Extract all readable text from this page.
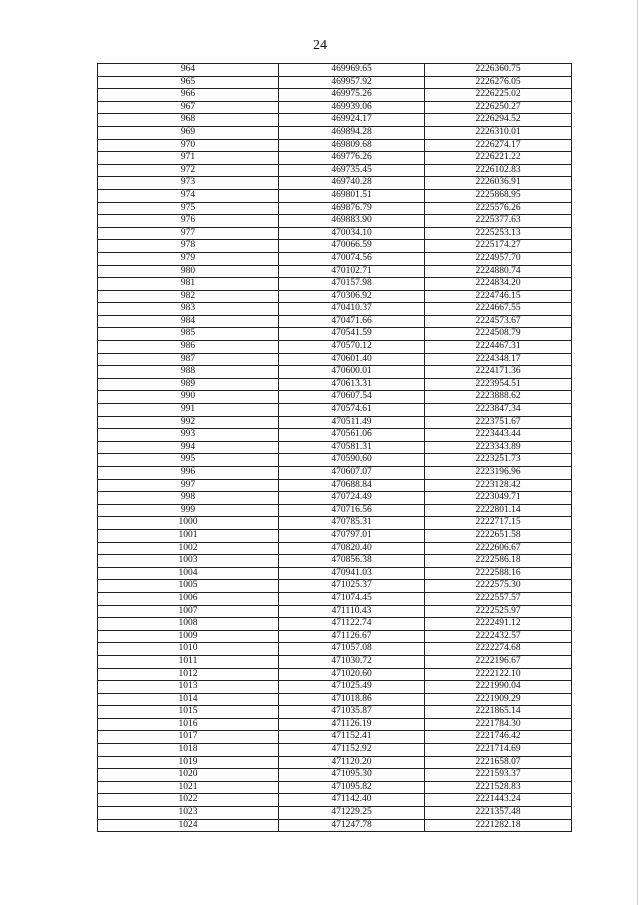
24
964	469969.65	2226360.75
965	469957.92	2226276.05
966	469975.26	2226225.02
967	469939.06	2226250.27
968	469924.17	2226294.52
969	469894.28	2226310.01
970	469809.68	2226274.17
971	469776.26	2226221.22
972	469735.45	2226102.83
973	469740.28	2226036.91
974	469801.51	2225868.95
975	469876.79	2225576.26
976	469883.90	2225377.63
977	470034.10	2225253.13
978	470066.59	2225174.27
979	470074.56	2224957.70
980	470102.71	2224880.74
981	470157.98	2224834.20
982	470306.92	2224746.15
983	470410.37	2224667.55
984	470471.66	2224573.67
985	470541.59	2224508.79
986	470570.12	2224467.31
987	470601.40	2224348.17
988	470600.01	2224171.36
989	470613.31	2223954.51
990	470607.54	2223888.62
991	470574.61	2223847.34
992	470511.49	2223751.67
993	470561.06	2223443.44
994	470581.31	2223343.89
995	470590.60	2223251.73
996	470607.07	2223196.96
997	470688.84	2223128.42
998	470724.49	2223049.71
999	470716.56	2222801.14
1000	470785.31	2222717.15
1001	470797.01	2222651.58
1002	470820.40	2222606.67
1003	470856.38	2222586.18
1004	470941.03	2222588.16
1005	471025.37	2222575.30
1006	471074.45	2222557.57
1007	471110.43	2222525.97
1008	471122.74	2222491.12
1009	471126.67	2222432.57
1010	471057.08	2222274.68
1011	471030.72	2222196.67
1012	471020.60	2222122.10
1013	471025.49	2221990.04
1014	471018.86	2221909.29
1015	471035.87	2221865.14
1016	471126.19	2221784.30
1017	471152.41	2221746.42
1018	471152.92	2221714.69
1019	471120.20	2221658.07
1020	471095.30	2221593.37
1021	471095.82	2221528.83
1022	471142.40	2221443.24
1023	471229.25	2221357.48
1024	471247.78	2221282.18
